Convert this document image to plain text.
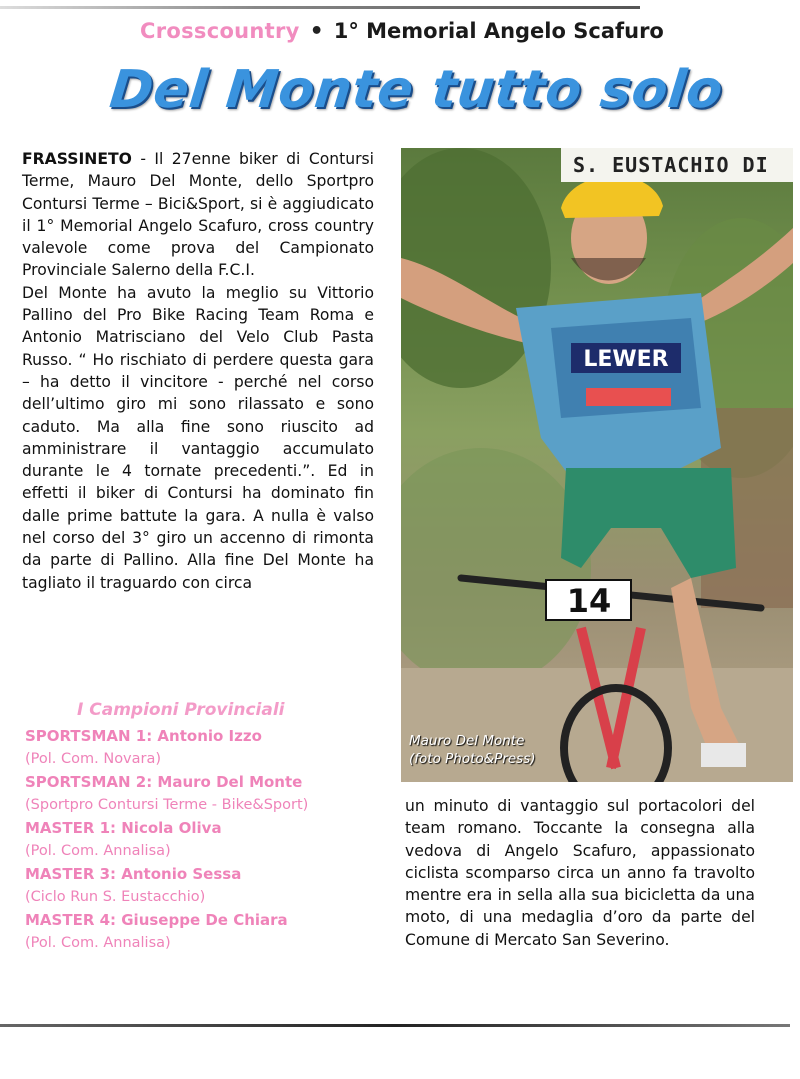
Crosscountry • 1° Memorial Angelo Scafuro
Del Monte tutto solo

FRASSINETO - Il 27enne biker di Contursi Terme, Mauro Del Monte, dello Sportpro Contursi Terme – Bici&Sport, si è aggiudicato il 1° Memorial Angelo Scafuro, cross country valevole come prova del Campionato Provinciale Salerno della F.C.I.

Del Monte ha avuto la meglio su Vittorio Pallino del Pro Bike Racing Team Roma e Antonio Matrisciano del Velo Club Pasta Russo. “ Ho rischiato di perdere questa gara – ha detto il vincitore - perché nel corso dell’ultimo giro mi sono rilassato e sono caduto. Ma alla fine sono riuscito ad amministrare il vantaggio accumulato durante le 4 tornate precedenti.”. Ed in effetti il biker di Contursi ha dominato fin dalle prime battute la gara. A nulla è valso nel corso del 3° giro un accenno di rimonta da parte di Pallino. Alla fine Del Monte ha tagliato il traguardo con circa

LEWER
14
S. EUSTACHIO DI
Mauro Del Monte
(foto Photo&Press)
I Campioni Provinciali
SPORTSMAN 1: Antonio Izzo
(Pol. Com. Novara)
SPORTSMAN 2: Mauro Del Monte
(Sportpro Contursi Terme - Bike&Sport)
MASTER 1: Nicola Oliva
(Pol. Com. Annalisa)
MASTER 3: Antonio Sessa
(Ciclo Run S. Eustacchio)
MASTER 4: Giuseppe De Chiara
(Pol. Com. Annalisa)

un minuto di vantaggio sul portacolori del team romano. Toccante la consegna alla vedova di Angelo Scafuro, appassionato ciclista scomparso circa un anno fa travolto mentre era in sella alla sua bicicletta da una moto, di una medaglia d’oro da parte del Comune di Mercato San Severino.
